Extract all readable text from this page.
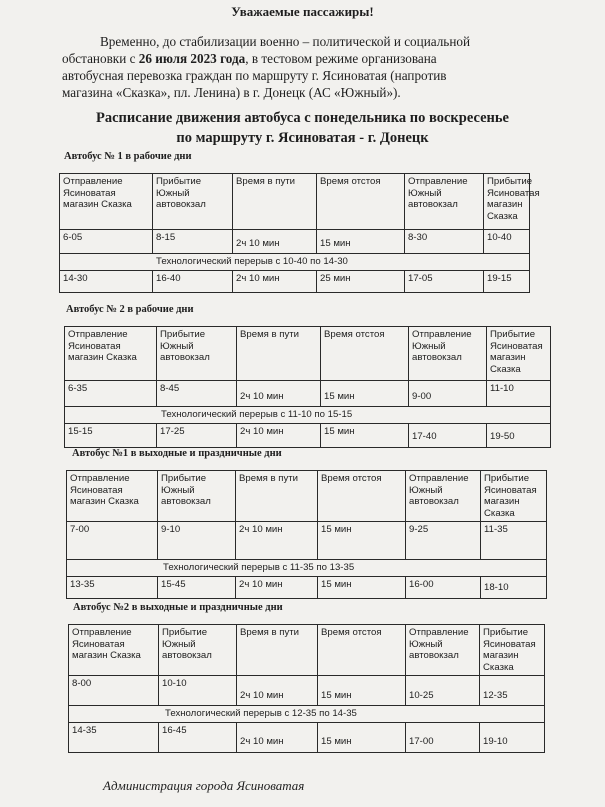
Уважаемые пассажиры!
Временно, до стабилизации военно – политической и социальной
обстановки с 26 июля 2023 года, в тестовом режиме организована
автобусная перевозка граждан по маршруту г. Ясиноватая (напротив
магазина «Сказка», пл. Ленина) в г. Донецк (АС «Южный»).
Расписание движения автобуса с понедельника по воскресенье
по маршруту г. Ясиноватая - г. Донецк
Автобус № 1 в рабочие дни
Отправление Ясиноватая магазин Сказка	Прибытие Южный автовокзал	Время в пути	Время отстоя	Отправление Южный автовокзал	Прибытие Ясиноватая магазин Сказка
6-05	8-15	2ч 10 мин	15 мин	8-30	10-40
Технологический перерыв с 10-40 по 14-30					
14-30	16-40	2ч 10 мин	25 мин	17-05	19-15
Автобус № 2 в рабочие дни
Отправление Ясиноватая магазин Сказка	Прибытие Южный автовокзал	Время в пути	Время отстоя	Отправление Южный автовокзал	Прибытие Ясиноватая магазин Сказка
6-35	8-45	2ч 10 мин	15 мин	9-00	11-10
Технологический перерыв с 11-10 по 15-15					
15-15	17-25	2ч 10 мин	15 мин	17-40	19-50
Автобус №1 в выходные и праздничные дни
Отправление Ясиноватая магазин Сказка	Прибытие Южный автовокзал	Время в пути	Время отстоя	Отправление Южный автовокзал	Прибытие Ясиноватая магазин Сказка
7-00	9-10	2ч 10 мин	15 мин	9-25	11-35
Технологический перерыв с 11-35 по 13-35					
13-35	15-45	2ч 10 мин	15 мин	16-00	18-10
Автобус №2 в выходные и праздничные дни
Отправление Ясиноватая магазин Сказка	Прибытие Южный автовокзал	Время в пути	Время отстоя	Отправление Южный автовокзал	Прибытие Ясиноватая магазин Сказка
8-00	10-10	2ч 10 мин	15 мин	10-25	12-35
Технологический перерыв с 12-35 по 14-35					
14-35	16-45	2ч 10 мин	15 мин	17-00	19-10
Администрация города Ясиноватая
